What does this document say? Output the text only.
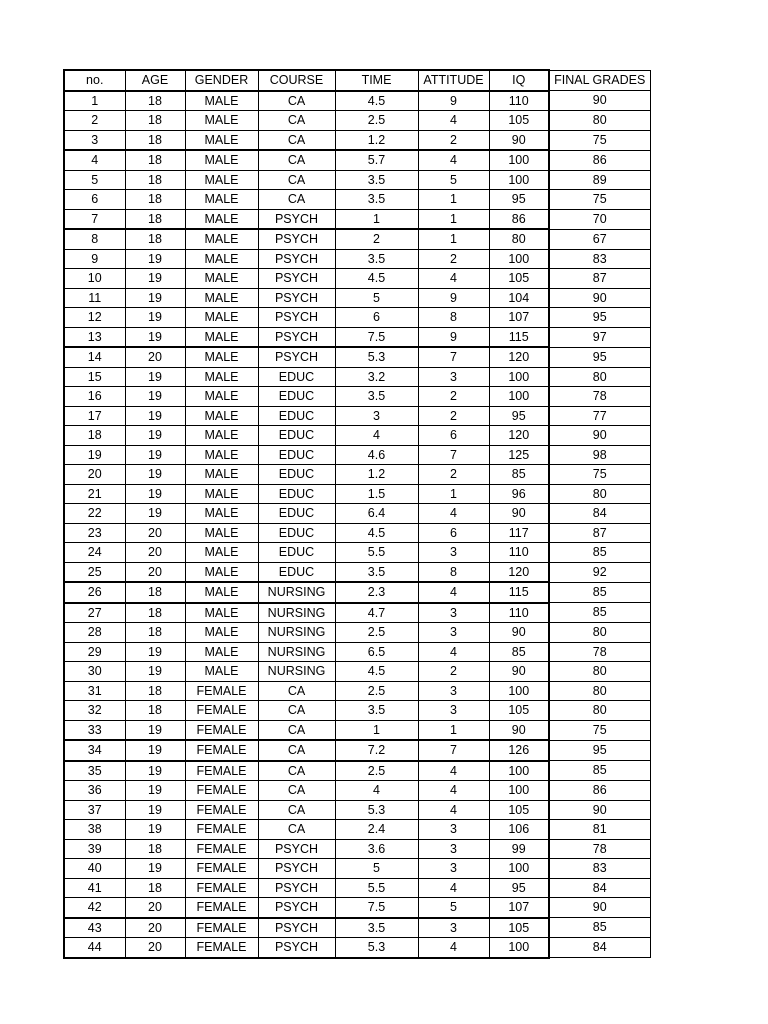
no.	AGE	GENDER	COURSE	TIME	ATTITUDE	IQ	FINAL GRADES
1	18	MALE	CA	4.5	9	110	90
2	18	MALE	CA	2.5	4	105	80
3	18	MALE	CA	1.2	2	90	75
4	18	MALE	CA	5.7	4	100	86
5	18	MALE	CA	3.5	5	100	89
6	18	MALE	CA	3.5	1	95	75
7	18	MALE	PSYCH	1	1	86	70
8	18	MALE	PSYCH	2	1	80	67
9	19	MALE	PSYCH	3.5	2	100	83
10	19	MALE	PSYCH	4.5	4	105	87
11	19	MALE	PSYCH	5	9	104	90
12	19	MALE	PSYCH	6	8	107	95
13	19	MALE	PSYCH	7.5	9	115	97
14	20	MALE	PSYCH	5.3	7	120	95
15	19	MALE	EDUC	3.2	3	100	80
16	19	MALE	EDUC	3.5	2	100	78
17	19	MALE	EDUC	3	2	95	77
18	19	MALE	EDUC	4	6	120	90
19	19	MALE	EDUC	4.6	7	125	98
20	19	MALE	EDUC	1.2	2	85	75
21	19	MALE	EDUC	1.5	1	96	80
22	19	MALE	EDUC	6.4	4	90	84
23	20	MALE	EDUC	4.5	6	117	87
24	20	MALE	EDUC	5.5	3	110	85
25	20	MALE	EDUC	3.5	8	120	92
26	18	MALE	NURSING	2.3	4	115	85
27	18	MALE	NURSING	4.7	3	110	85
28	18	MALE	NURSING	2.5	3	90	80
29	19	MALE	NURSING	6.5	4	85	78
30	19	MALE	NURSING	4.5	2	90	80
31	18	FEMALE	CA	2.5	3	100	80
32	18	FEMALE	CA	3.5	3	105	80
33	19	FEMALE	CA	1	1	90	75
34	19	FEMALE	CA	7.2	7	126	95
35	19	FEMALE	CA	2.5	4	100	85
36	19	FEMALE	CA	4	4	100	86
37	19	FEMALE	CA	5.3	4	105	90
38	19	FEMALE	CA	2.4	3	106	81
39	18	FEMALE	PSYCH	3.6	3	99	78
40	19	FEMALE	PSYCH	5	3	100	83
41	18	FEMALE	PSYCH	5.5	4	95	84
42	20	FEMALE	PSYCH	7.5	5	107	90
43	20	FEMALE	PSYCH	3.5	3	105	85
44	20	FEMALE	PSYCH	5.3	4	100	84
